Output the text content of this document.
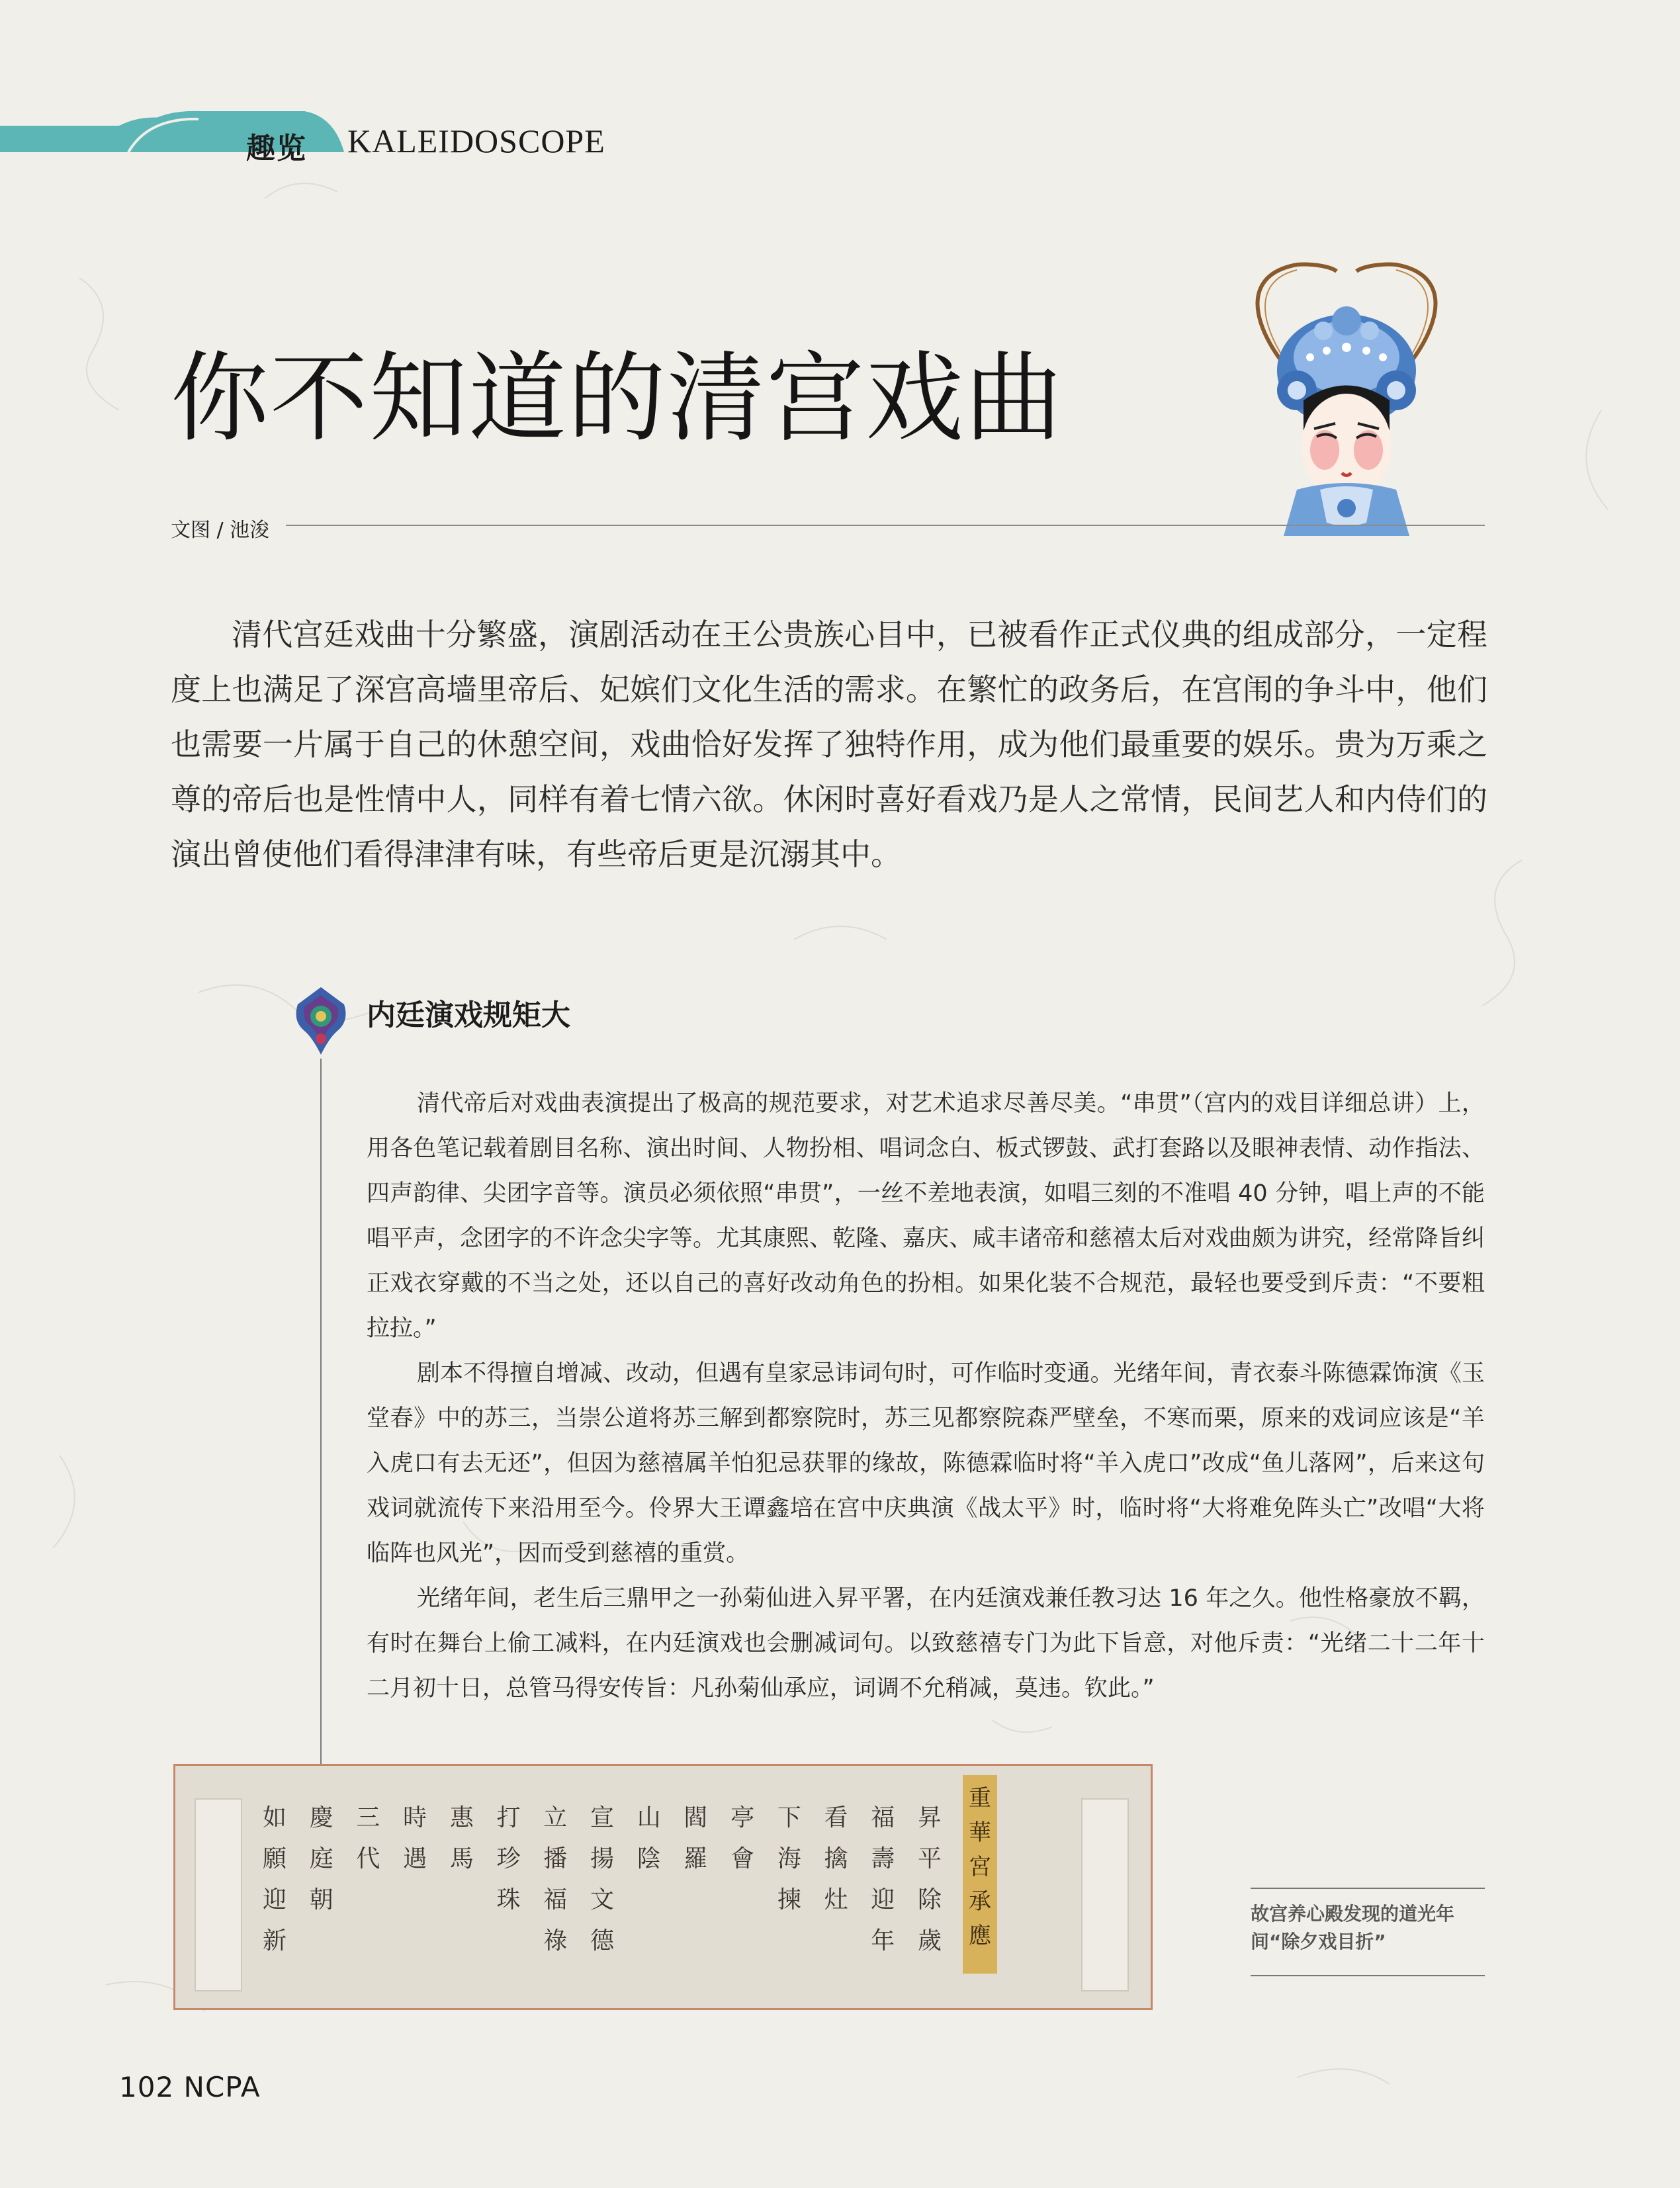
趣览 KALEIDOSCOPE
你不知道的清宫戏曲
文图 / 池浚

清代宫廷戏曲十分繁盛，演剧活动在王公贵族心目中，已被看作正式仪典的组成部分，一定程度上也满足了深宫高墙里帝后、妃嫔们文化生活的需求。在繁忙的政务后，在宫闱的争斗中，他们也需要一片属于自己的休憩空间，戏曲恰好发挥了独特作用，成为他们最重要的娱乐。贵为万乘之尊的帝后也是性情中人，同样有着七情六欲。休闲时喜好看戏乃是人之常情，民间艺人和内侍们的演出曾使他们看得津津有味，有些帝后更是沉溺其中。

内廷演戏规矩大

清代帝后对戏曲表演提出了极高的规范要求，对艺术追求尽善尽美。“串贯”（宫内的戏目详细总讲）上，用各色笔记载着剧目名称、演出时间、人物扮相、唱词念白、板式锣鼓、武打套路以及眼神表情、动作指法、四声韵律、尖团字音等。演员必须依照“串贯”，一丝不差地表演，如唱三刻的不准唱 40 分钟，唱上声的不能唱平声，念团字的不许念尖字等。尤其康熙、乾隆、嘉庆、咸丰诸帝和慈禧太后对戏曲颇为讲究，经常降旨纠正戏衣穿戴的不当之处，还以自己的喜好改动角色的扮相。如果化装不合规范，最轻也要受到斥责：“不要粗拉拉。”

剧本不得擅自增减、改动，但遇有皇家忌讳词句时，可作临时变通。光绪年间，青衣泰斗陈德霖饰演《玉堂春》中的苏三，当崇公道将苏三解到都察院时，苏三见都察院森严壁垒，不寒而栗，原来的戏词应该是“羊入虎口有去无还”，但因为慈禧属羊怕犯忌获罪的缘故，陈德霖临时将“羊入虎口”改成“鱼儿落网”，后来这句戏词就流传下来沿用至今。伶界大王谭鑫培在宫中庆典演《战太平》时，临时将“大将难免阵头亡”改唱“大将临阵也风光”，因而受到慈禧的重赏。

光绪年间，老生后三鼎甲之一孙菊仙进入昇平署，在内廷演戏兼任教习达 16 年之久。他性格豪放不羁，有时在舞台上偷工减料，在内廷演戏也会删减词句。以致慈禧专门为此下旨意，对他斥责：“光绪二十二年十二月初十日，总管马得安传旨：凡孙菊仙承应，词调不允稍减，莫违。钦此。”

昇
平
除
歲
福
壽
迎
年
看
擒
灶
下
海
揀
亭
會
閻
羅
山
陰
宣
揚
文
德
立
播
福
祿
打
珍
珠
惠
馬
時
遇
三
代
慶
庭
朝
如
願
迎
新
重
華
宮
承
應
故宫养心殿发现的道光年间“除夕戏目折”
102 NCPA
